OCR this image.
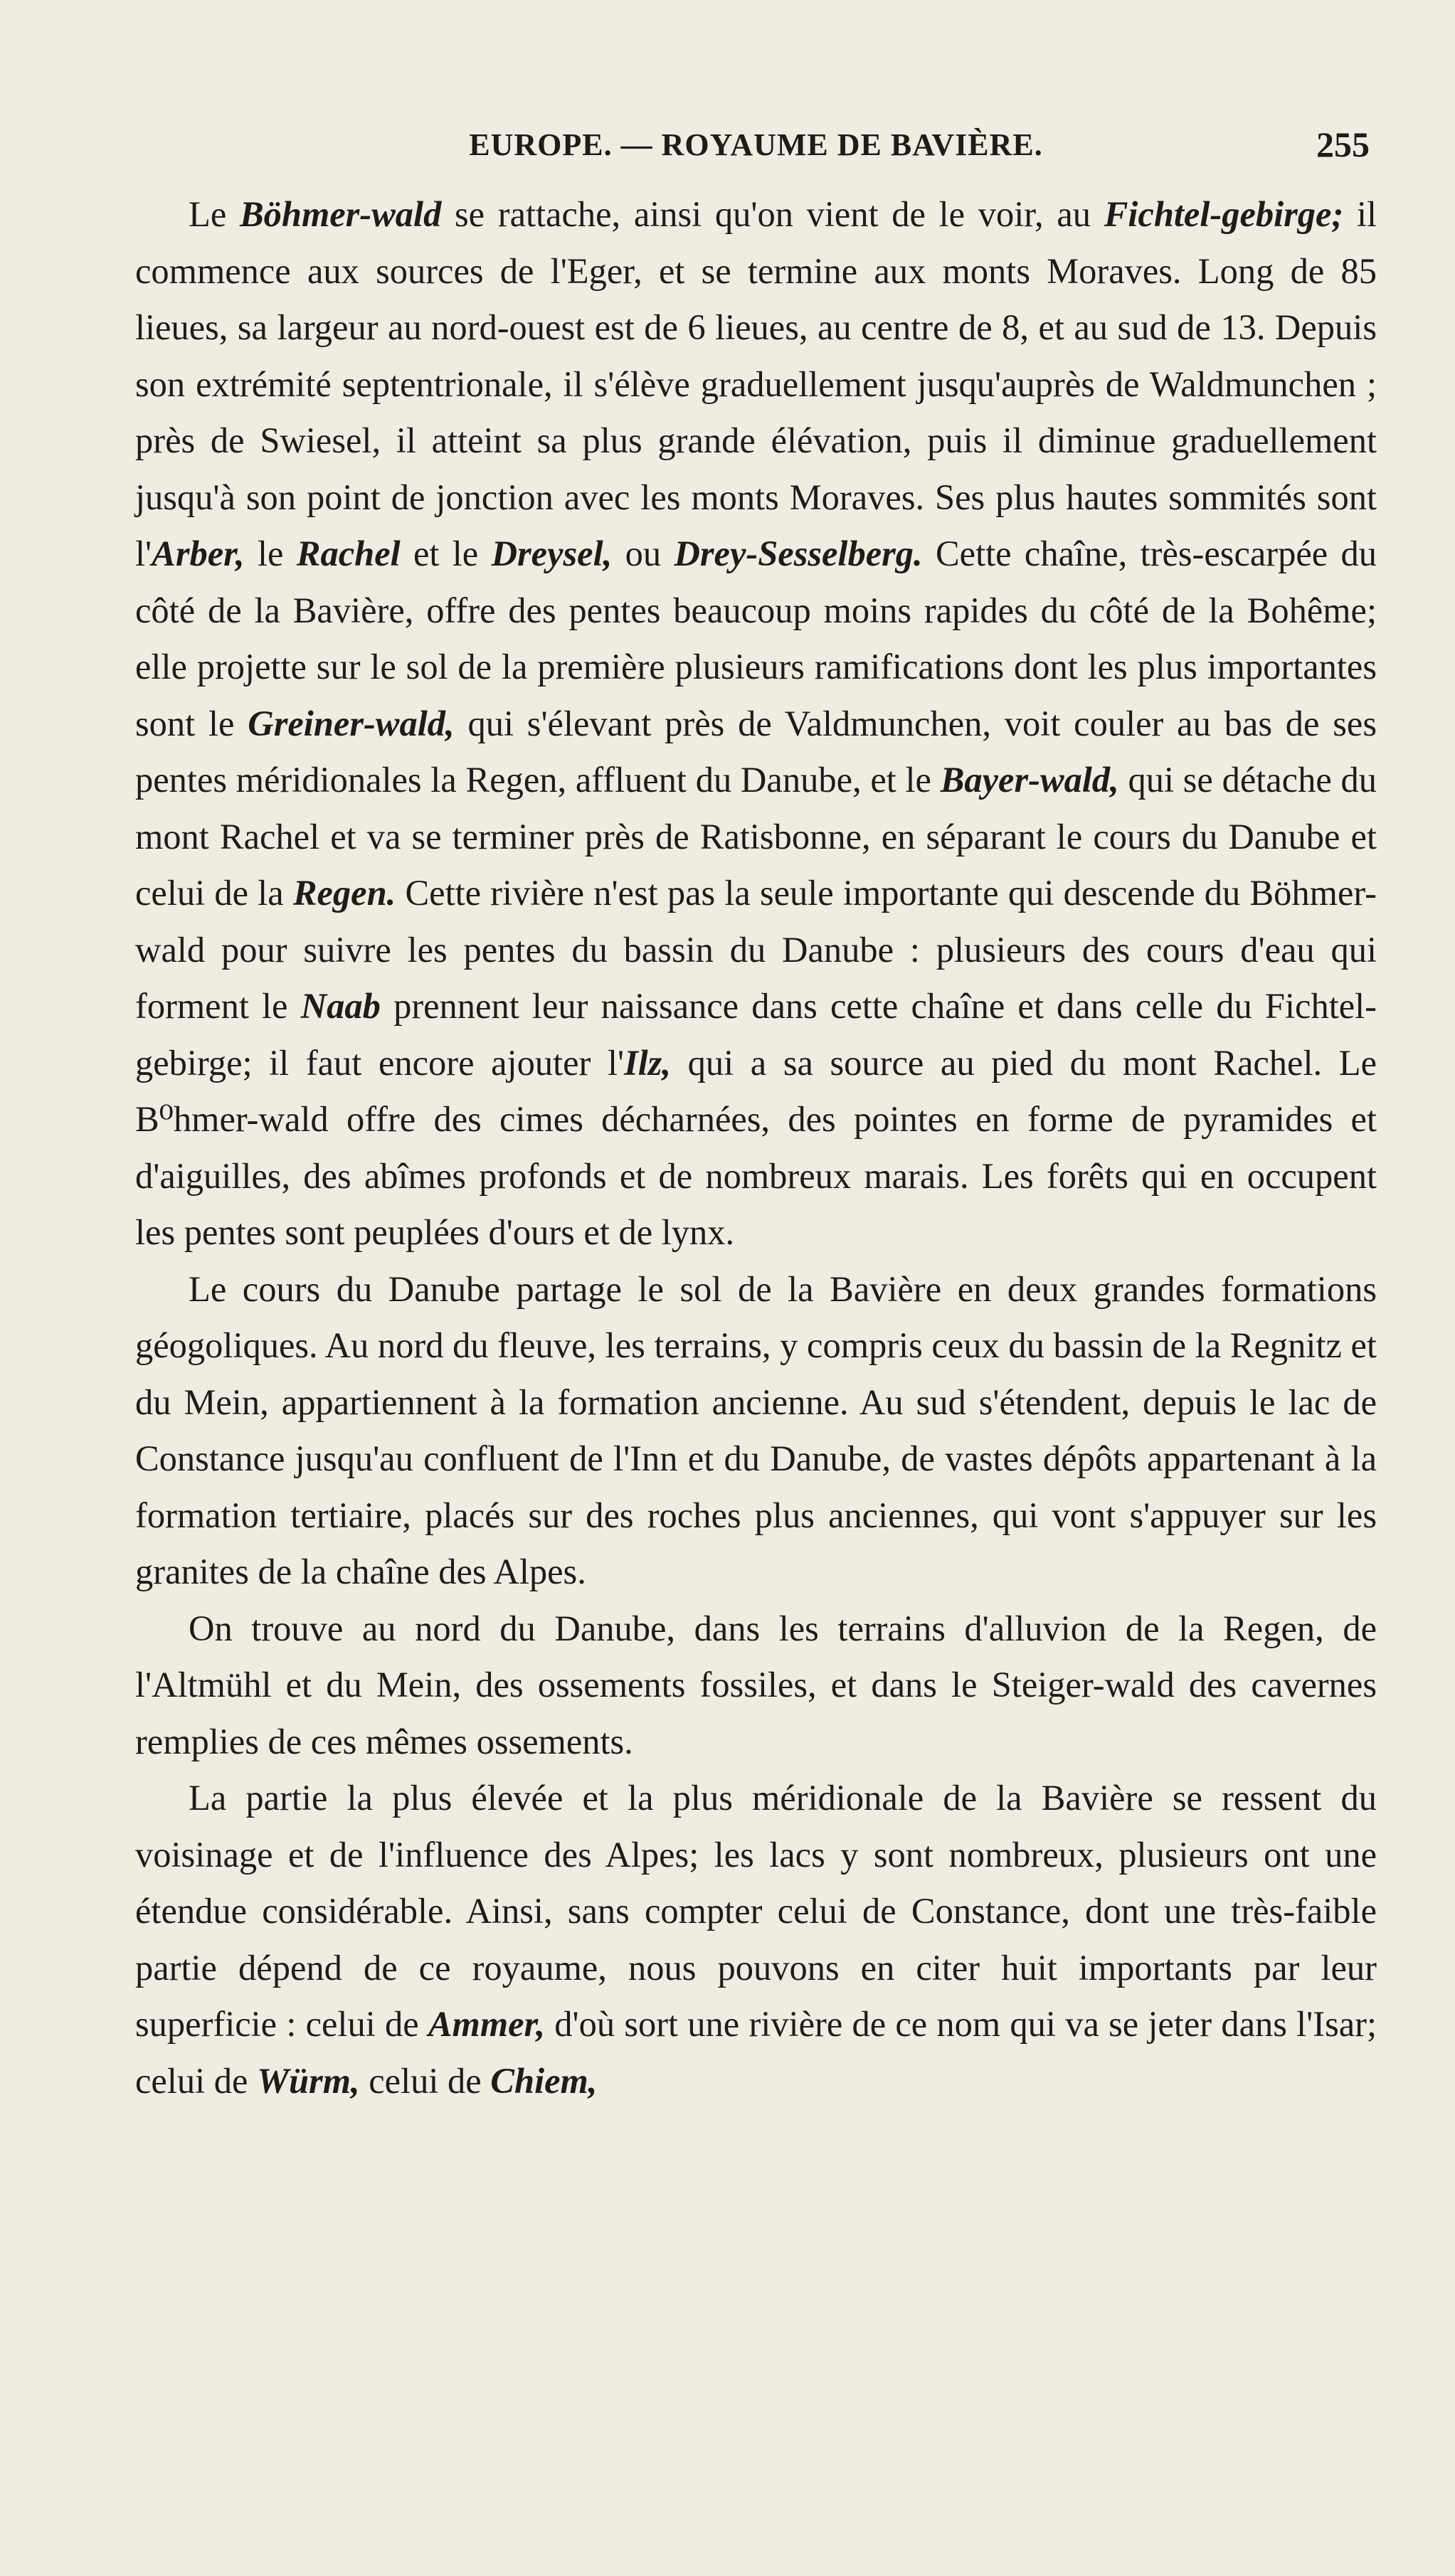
EUROPE. — ROYAUME DE BAVIÈRE.	255

Le Böhmer-wald se rattache, ainsi qu'on vient de le voir, au Fichtel-gebirge; il commence aux sources de l'Eger, et se termine aux monts Moraves. Long de 85 lieues, sa largeur au nord-ouest est de 6 lieues, au centre de 8, et au sud de 13. Depuis son extrémité septentrionale, il s'élève graduellement jusqu'auprès de Waldmunchen ; près de Swiesel, il atteint sa plus grande élévation, puis il diminue graduellement jusqu'à son point de jonction avec les monts Moraves. Ses plus hautes sommités sont l'Arber, le Rachel et le Dreysel, ou Drey-Sesselberg. Cette chaîne, très-escarpée du côté de la Bavière, offre des pentes beaucoup moins rapides du côté de la Bohême; elle projette sur le sol de la première plusieurs ramifications dont les plus importantes sont le Greiner-wald, qui s'élevant près de Valdmunchen, voit couler au bas de ses pentes méridionales la Regen, affluent du Danube, et le Bayer-wald, qui se détache du mont Rachel et va se terminer près de Ratisbonne, en séparant le cours du Danube et celui de la Regen. Cette rivière n'est pas la seule importante qui descende du Böhmer-wald pour suivre les pentes du bassin du Danube : plusieurs des cours d'eau qui forment le Naab prennent leur naissance dans cette chaîne et dans celle du Fichtel-gebirge; il faut encore ajouter l'Ilz, qui a sa source au pied du mont Rachel. Le B⁰hmer-wald offre des cimes décharnées, des pointes en forme de pyramides et d'aiguilles, des abîmes profonds et de nombreux marais. Les forêts qui en occupent les pentes sont peuplées d'ours et de lynx.

Le cours du Danube partage le sol de la Bavière en deux grandes formations géogoliques. Au nord du fleuve, les terrains, y compris ceux du bassin de la Regnitz et du Mein, appartiennent à la formation ancienne. Au sud s'étendent, depuis le lac de Constance jusqu'au confluent de l'Inn et du Danube, de vastes dépôts appartenant à la formation tertiaire, placés sur des roches plus anciennes, qui vont s'appuyer sur les granites de la chaîne des Alpes.

On trouve au nord du Danube, dans les terrains d'alluvion de la Regen, de l'Altmühl et du Mein, des ossements fossiles, et dans le Steiger-wald des cavernes remplies de ces mêmes ossements.

La partie la plus élevée et la plus méridionale de la Bavière se ressent du voisinage et de l'influence des Alpes; les lacs y sont nombreux, plusieurs ont une étendue considérable. Ainsi, sans compter celui de Constance, dont une très-faible partie dépend de ce royaume, nous pouvons en citer huit importants par leur superficie : celui de Ammer, d'où sort une rivière de ce nom qui va se jeter dans l'Isar; celui de Würm, celui de Chiem,
